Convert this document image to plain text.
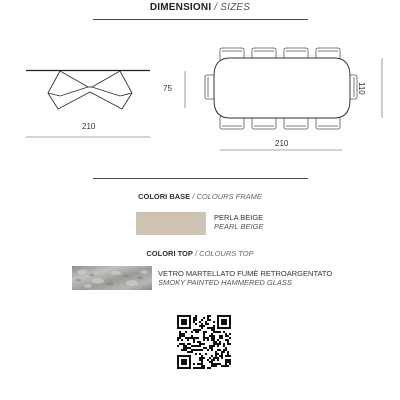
DIMENSIONI / SIZES
75
210
110
210
COLORI BASE / COLOURS FRAME
PERLA BEIGE
PEARL BEIGE
COLORI TOP / COLOURS TOP
VETRO MARTELLATO FUMÈ RETROARGENTATO
SMOKY PAINTED HAMMERED GLASS
